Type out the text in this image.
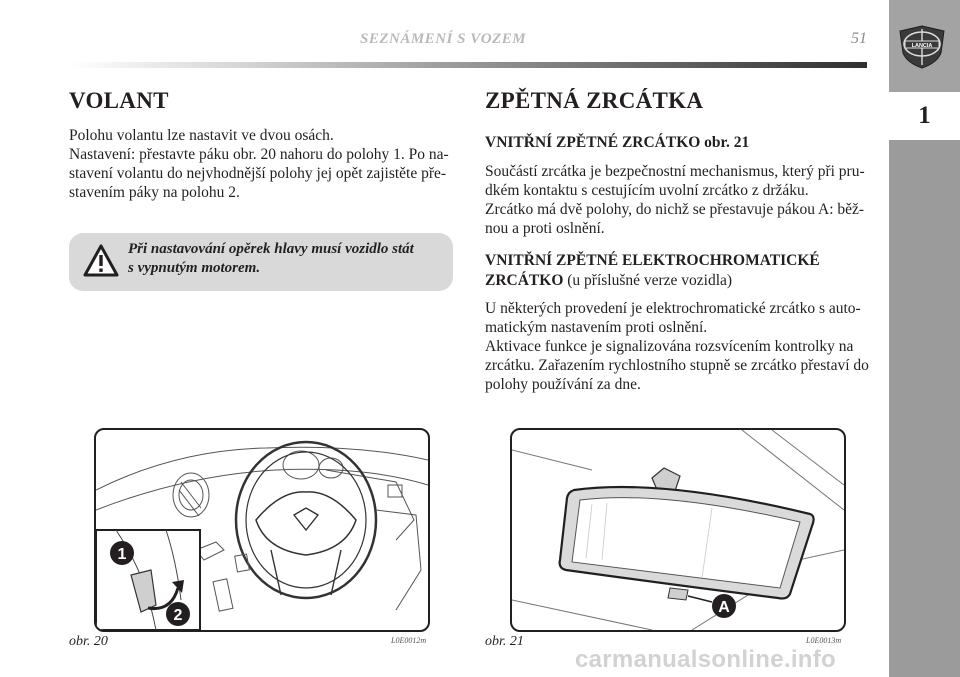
SEZNÁMENÍ S VOZEM	51	LANCIA
1
VOLANT

Polohu volantu lze nastavit ve dvou osách.

Nastavení: přestavte páku obr. 20 nahoru do polohy 1. Po na-

stavení volantu do nejvhodnější polohy jej opět zajistěte pře-

stavením páky na polohu 2.

Při nastavování opěrek hlavy musí vozidlo stát
s vypnutým motorem.
ZPĚTNÁ ZRCÁTKA
VNITŘNÍ ZPĚTNÉ ZRCÁTKO obr. 21

Součástí zrcátka je bezpečnostní mechanismus, který při pru-

dkém kontaktu s cestujícím uvolní zrcátko z držáku.

Zrcátko má dvě polohy, do nichž se přestavuje pákou A: běž-

nou a proti oslnění.

VNITŘNÍ ZPĚTNÉ ELEKTROCHROMATICKÉ
ZRCÁTKO (u příslušné verze vozidla)

U některých provedení je elektrochromatické zrcátko s auto-

matickým nastavením proti oslnění.

Aktivace funkce je signalizována rozsvícením kontrolky na

zrcátku. Zařazením rychlostního stupně se zrcátko přestaví do

polohy používání za dne.

1
2
obr. 20	L0E0012m
A
obr. 21	L0E0013m
carmanualsonline.info
